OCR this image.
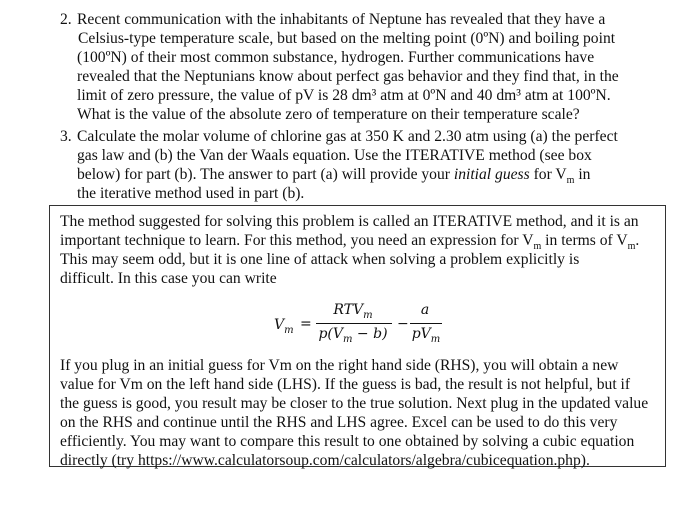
2. Recent communication with the inhabitants of Neptune has revealed that they have a
Celsius-type temperature scale, but based on the melting point (0ºN) and boiling point
(100ºN) of their most common substance, hydrogen. Further communications have
revealed that the Neptunians know about perfect gas behavior and they find that, in the
limit of zero pressure, the value of pV is 28 dm³ atm at 0ºN and 40 dm³ atm at 100ºN.
What is the value of the absolute zero of temperature on their temperature scale?
3. Calculate the molar volume of chlorine gas at 350 K and 2.30 atm using (a) the perfect
gas law and (b) the Van der Waals equation. Use the ITERATIVE method (see box
below) for part (b). The answer to part (a) will provide your initial guess for $V_m$ in
the iterative method used in part (b).
The method suggested for solving this problem is called an ITERATIVE method, and it is an
important technique to learn. For this method, you need an expression for $V_m$ in terms of $V_m$.
This may seem odd, but it is one line of attack when solving a problem explicitly is
difficult. In this case you can write
$V_m$ =
$RTV_m$
$p(V_m - b)$
−
a
$pV_m$
If you plug in an initial guess for Vm on the right hand side (RHS), you will obtain a new
value for Vm on the left hand side (LHS). If the guess is bad, the result is not helpful, but if
the guess is good, you result may be closer to the true solution. Next plug in the updated value
on the RHS and continue until the RHS and LHS agree. Excel can be used to do this very
efficiently. You may want to compare this result to one obtained by solving a cubic equation
directly (try https://www.calculatorsoup.com/calculators/algebra/cubicequation.php).
